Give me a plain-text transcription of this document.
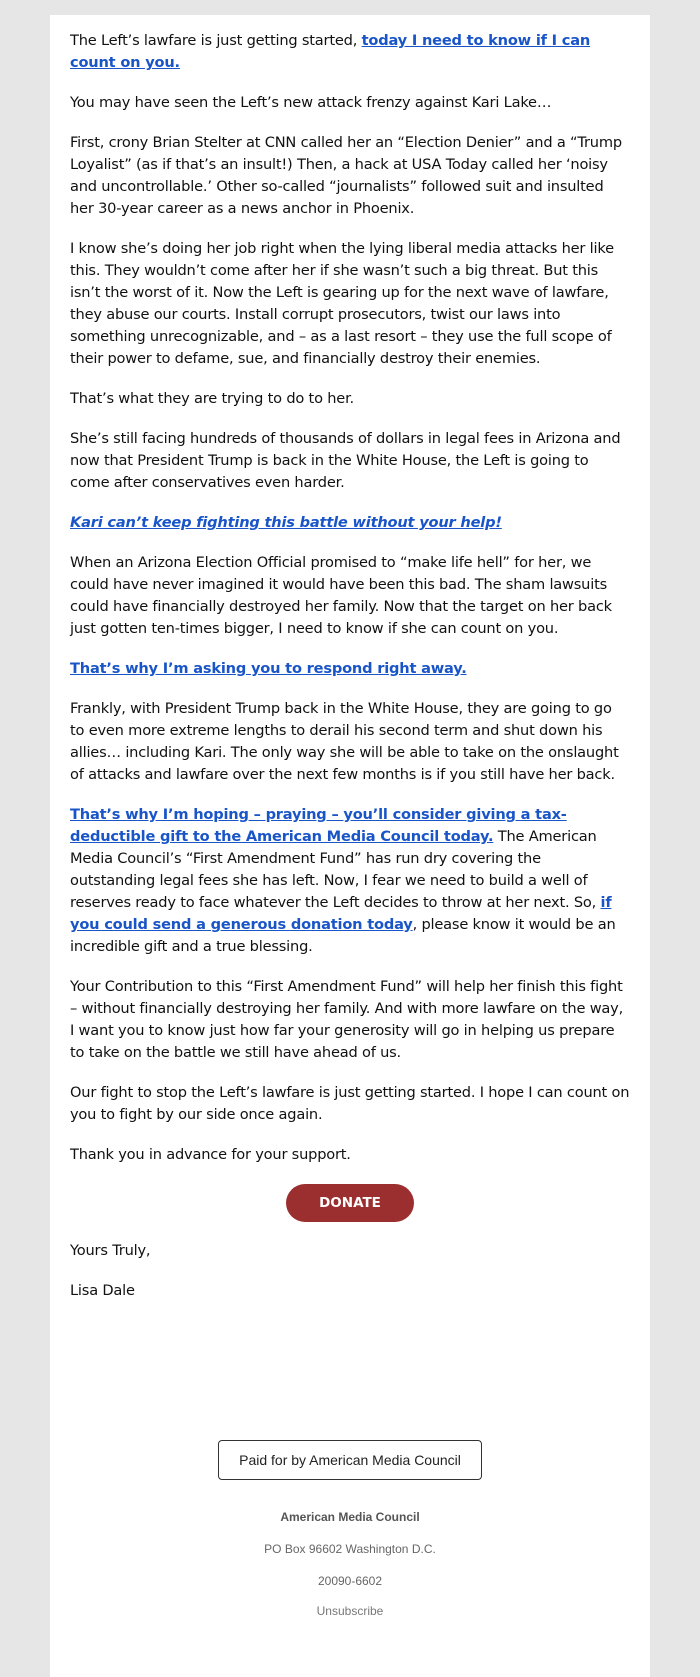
The Left’s lawfare is just getting started, today I need to know if I can count on you.

You may have seen the Left’s new attack frenzy against Kari Lake…

First, crony Brian Stelter at CNN called her an “Election Denier” and a “Trump Loyalist” (as if that’s an insult!) Then, a hack at USA Today called her ‘noisy and uncontrollable.’ Other so-called “journalists” followed suit and insulted her 30-year career as a news anchor in Phoenix.

I know she’s doing her job right when the lying liberal media attacks her like this. They wouldn’t come after her if she wasn’t such a big threat. But this isn’t the worst of it. Now the Left is gearing up for the next wave of lawfare, they abuse our courts. Install corrupt prosecutors, twist our laws into something unrecognizable, and – as a last resort – they use the full scope of their power to defame, sue, and financially destroy their enemies.

That’s what they are trying to do to her.

She’s still facing hundreds of thousands of dollars in legal fees in Arizona and now that President Trump is back in the White House, the Left is going to come after conservatives even harder.

Kari can’t keep fighting this battle without your help!

When an Arizona Election Official promised to “make life hell” for her, we could have never imagined it would have been this bad. The sham lawsuits could have financially destroyed her family. Now that the target on her back just gotten ten-times bigger, I need to know if she can count on you.

That’s why I’m asking you to respond right away.

Frankly, with President Trump back in the White House, they are going to go to even more extreme lengths to derail his second term and shut down his allies… including Kari. The only way she will be able to take on the onslaught of attacks and lawfare over the next few months is if you still have her back.

That’s why I’m hoping – praying – you’ll consider giving a tax-deductible gift to the American Media Council today. The American Media Council’s “First Amendment Fund” has run dry covering the outstanding legal fees she has left. Now, I fear we need to build a well of reserves ready to face whatever the Left decides to throw at her next. So, if you could send a generous donation today, please know it would be an incredible gift and a true blessing.

Your Contribution to this “First Amendment Fund” will help her finish this fight – without financially destroying her family. And with more lawfare on the way, I want you to know just how far your generosity will go in helping us prepare to take on the battle we still have ahead of us.

Our fight to stop the Left’s lawfare is just getting started. I hope I can count on you to fight by our side once again.

Thank you in advance for your support.

DONATE

Yours Truly,

Lisa Dale

Paid for by American Media Council
American Media Council
PO Box 96602 Washington D.C.
20090-6602
Unsubscribe
